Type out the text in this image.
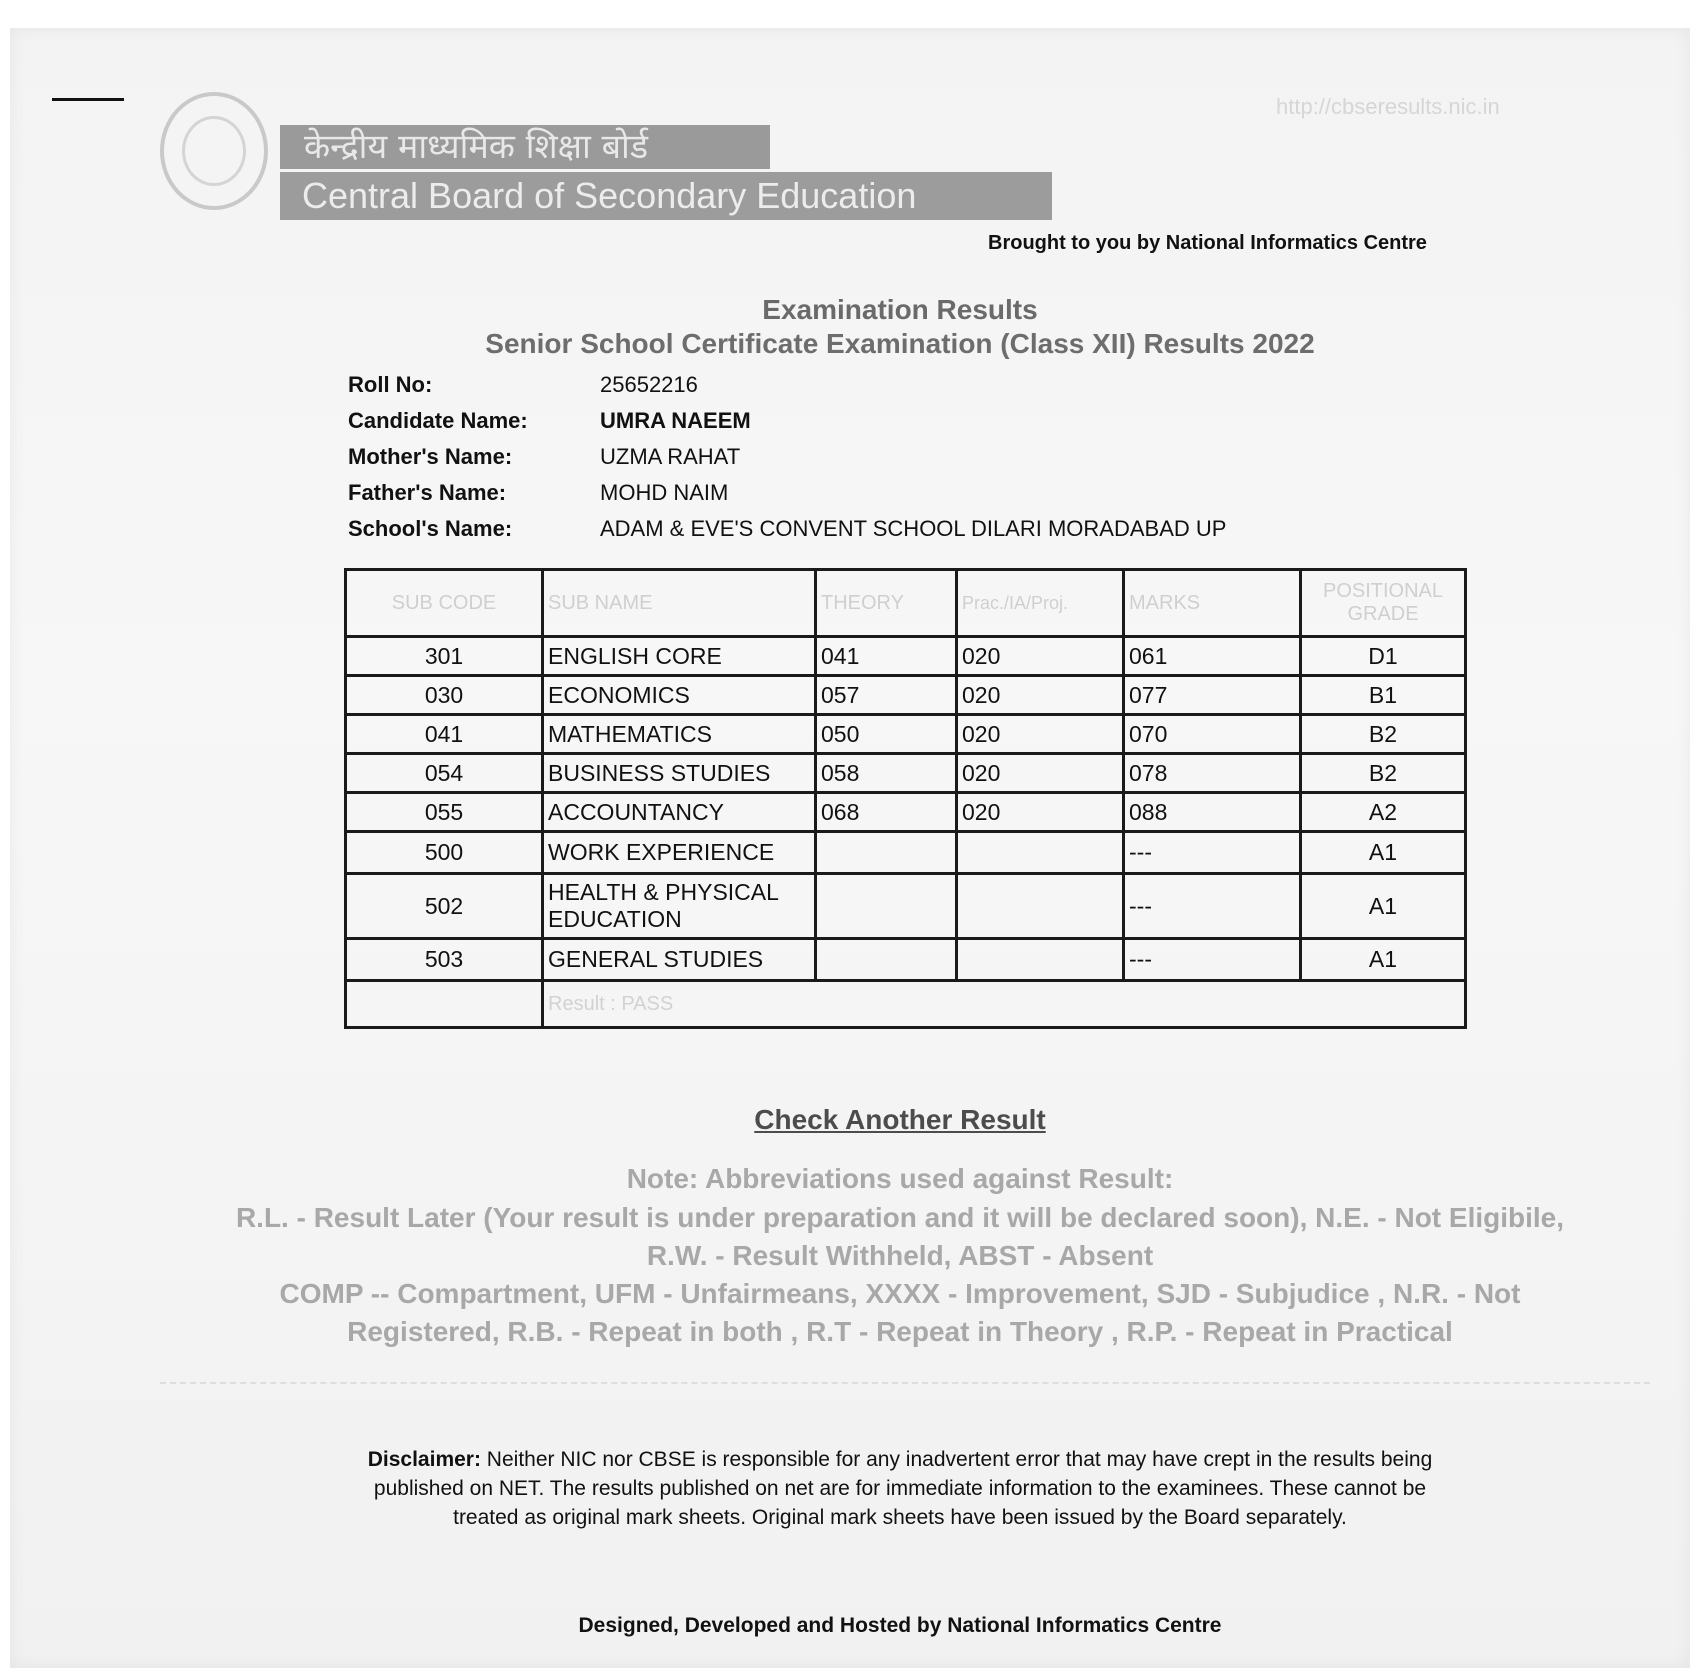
केन्द्रीय माध्यमिक शिक्षा बोर्ड
Central Board of Secondary Education
http://cbseresults.nic.in
Brought to you by National Informatics Centre
Examination Results
Senior School Certificate Examination (Class XII) Results 2022
Roll No:	25652216
Candidate Name:	UMRA NAEEM
Mother's Name:	UZMA RAHAT
Father's Name:	MOHD NAIM
School's Name:	ADAM & EVE'S CONVENT SCHOOL DILARI MORADABAD UP
SUB CODE	SUB NAME	THEORY	Prac./IA/Proj.	MARKS	POSITIONAL GRADE
301	ENGLISH CORE	041	020	061	D1
030	ECONOMICS	057	020	077	B1
041	MATHEMATICS	050	020	070	B2
054	BUSINESS STUDIES	058	020	078	B2
055	ACCOUNTANCY	068	020	088	A2
500	WORK EXPERIENCE			---	A1
502	HEALTH & PHYSICAL EDUCATION			---	A1
503	GENERAL STUDIES			---	A1
	Result : PASS				
Check Another Result
Note: Abbreviations used against Result:
R.L. - Result Later (Your result is under preparation and it will be declared soon), N.E. - Not Eligibile,
R.W. - Result Withheld, ABST - Absent
COMP -- Compartment, UFM - Unfairmeans, XXXX - Improvement, SJD - Subjudice , N.R. - Not
Registered, R.B. - Repeat in both , R.T - Repeat in Theory , R.P. - Repeat in Practical
Disclaimer: Neither NIC nor CBSE is responsible for any inadvertent error that may have crept in the results being published on NET. The results published on net are for immediate information to the examinees. These cannot be treated as original mark sheets. Original mark sheets have been issued by the Board separately.
Designed, Developed and Hosted by National Informatics Centre
